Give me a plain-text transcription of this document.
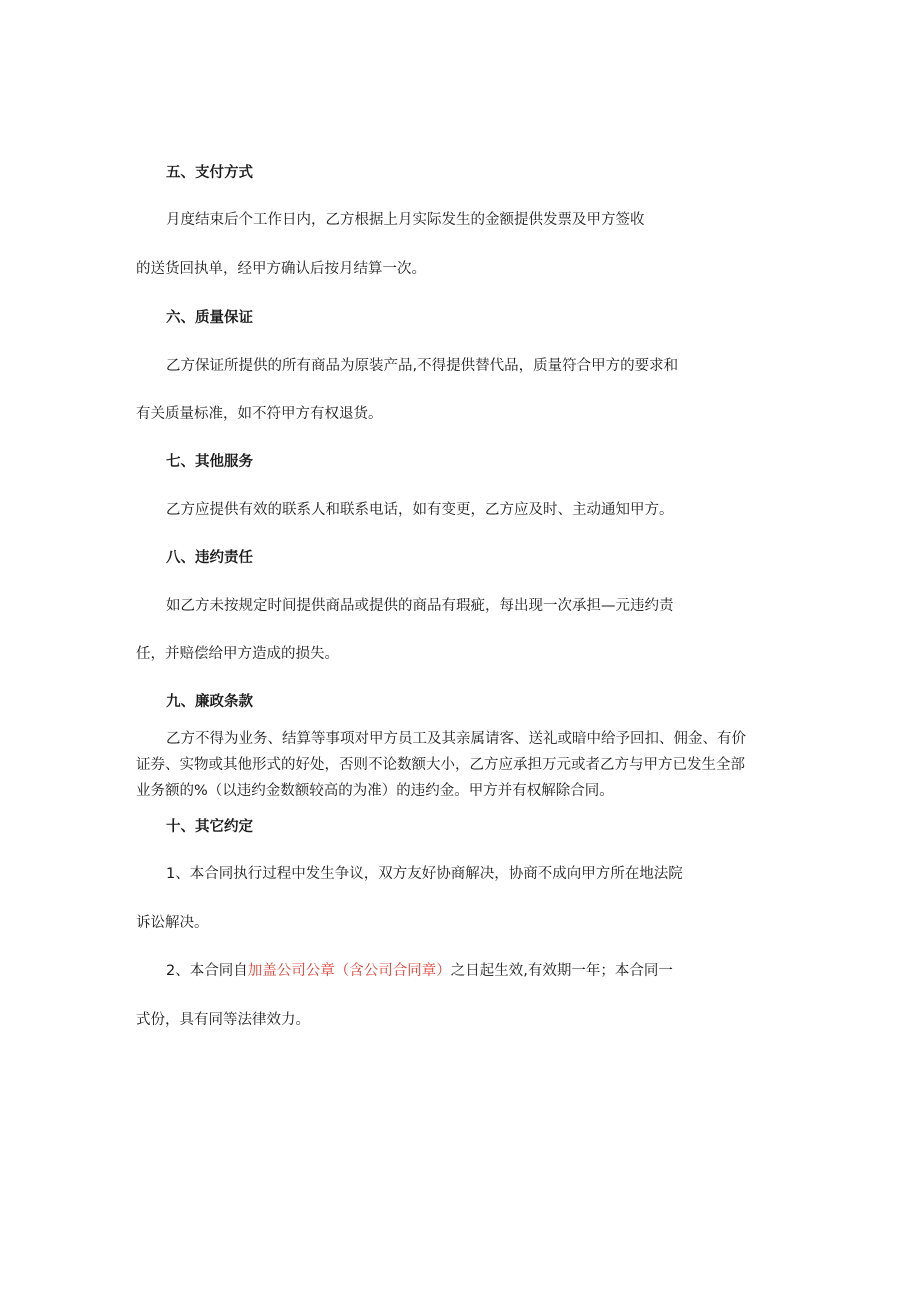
五、支付方式
月度结束后个工作日内，乙方根据上月实际发生的金额提供发票及甲方签收
的送货回执单，经甲方确认后按月结算一次。
六、质量保证
乙方保证所提供的所有商品为原装产品,不得提供替代品，质量符合甲方的要求和
有关质量标准，如不符甲方有权退货。
七、其他服务
乙方应提供有效的联系人和联系电话，如有变更，乙方应及时、主动通知甲方。
八、违约责任
如乙方未按规定时间提供商品或提供的商品有瑕疵，每出现一次承担—元违约责
任，并赔偿给甲方造成的损失。
九、廉政条款
乙方不得为业务、结算等事项对甲方员工及其亲属请客、送礼或暗中给予回扣、佣金、有价
证券、实物或其他形式的好处，否则不论数额大小，乙方应承担万元或者乙方与甲方已发生全部
业务额的%（以违约金数额较高的为准）的违约金。甲方并有权解除合同。
十、其它约定
1、本合同执行过程中发生争议，双方友好协商解决，协商不成向甲方所在地法院
诉讼解决。
2、本合同自加盖公司公章（含公司合同章）之日起生效,有效期一年；本合同一
式份，具有同等法律效力。
